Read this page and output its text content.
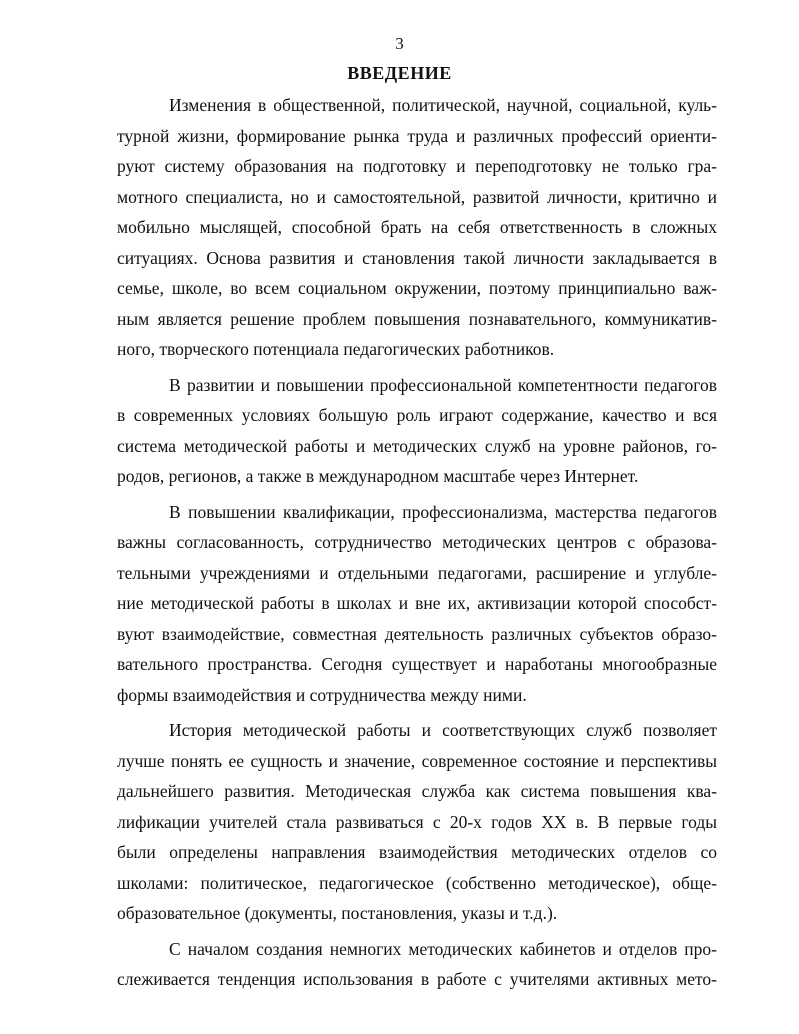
3
ВВЕДЕНИЕ
Изменения в общественной, политической, научной, социальной, куль-
турной жизни, формирование рынка труда и различных профессий ориенти-
руют систему образования на подготовку и переподготовку не только гра-
мотного специалиста, но и самостоятельной, развитой личности, критично и
мобильно мыслящей, способной брать на себя ответственность в сложных
ситуациях. Основа развития и становления такой личности закладывается в
семье, школе, во всем социальном окружении, поэтому принципиально важ-
ным является решение проблем повышения познавательного, коммуникатив-
ного, творческого потенциала педагогических работников.
В развитии и повышении профессиональной компетентности педагогов
в современных условиях большую роль играют содержание, качество и вся
система методической работы и методических служб на уровне районов, го-
родов, регионов, а также в международном масштабе через Интернет.
В повышении квалификации, профессионализма, мастерства педагогов
важны согласованность, сотрудничество методических центров с образова-
тельными учреждениями и отдельными педагогами, расширение и углубле-
ние методической работы в школах и вне их, активизации которой способст-
вуют взаимодействие, совместная деятельность различных субъектов образо-
вательного пространства. Сегодня существует и наработаны многообразные
формы взаимодействия и сотрудничества между ними.
История методической работы и соответствующих служб позволяет
лучше понять ее сущность и значение, современное состояние и перспективы
дальнейшего развития. Методическая служба как система повышения ква-
лификации учителей стала развиваться с 20-х годов XX в. В первые годы
были определены направления взаимодействия методических отделов со
школами: политическое, педагогическое (собственно методическое), обще-
образовательное (документы, постановления, указы и т.д.).
С началом создания немногих методических кабинетов и отделов про-
слеживается тенденция использования в работе с учителями активных мето-
